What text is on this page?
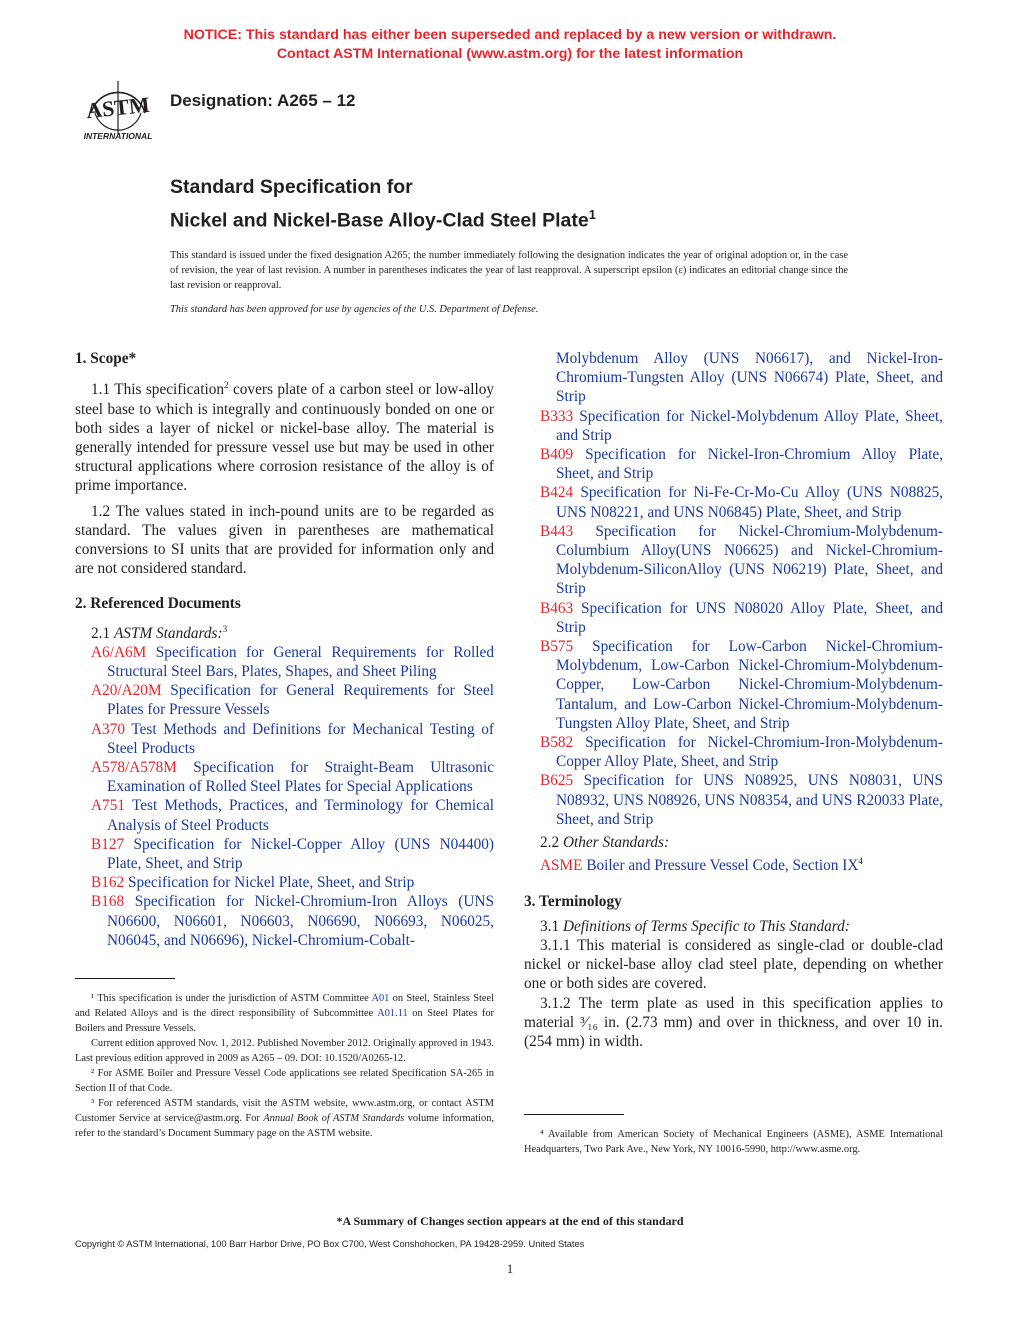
NOTICE: This standard has either been superseded and replaced by a new version or withdrawn.
Contact ASTM International (www.astm.org) for the latest information
ASTM
INTERNATIONAL
Designation: A265 – 12
Standard Specification for
Nickel and Nickel-Base Alloy-Clad Steel Plate$^1$
This standard is issued under the fixed designation A265; the number immediately following the designation indicates the year of original adoption or, in the case of revision, the year of last revision. A number in parentheses indicates the year of last reapproval. A superscript epsilon (ε) indicates an editorial change since the last revision or reapproval.
This standard has been approved for use by agencies of the U.S. Department of Defense.
1. Scope*

1.1 This specification$^2$ covers plate of a carbon steel or low-alloy steel base to which is integrally and continuously bonded on one or both sides a layer of nickel or nickel-base alloy. The material is generally intended for pressure vessel use but may be used in other structural applications where corrosion resistance of the alloy is of prime importance.

1.2 The values stated in inch-pound units are to be regarded as standard. The values given in parentheses are mathematical conversions to SI units that are provided for information only and are not considered standard.

2. Referenced Documents

2.1 ASTM Standards:$^3$

A6/A6M Specification for General Requirements for Rolled Structural Steel Bars, Plates, Shapes, and Sheet Piling

A20/A20M Specification for General Requirements for Steel Plates for Pressure Vessels

A370 Test Methods and Definitions for Mechanical Testing of Steel Products

A578/A578M Specification for Straight-Beam Ultrasonic Examination of Rolled Steel Plates for Special Applications

A751 Test Methods, Practices, and Terminology for Chemical Analysis of Steel Products

B127 Specification for Nickel-Copper Alloy (UNS N04400) Plate, Sheet, and Strip

B162 Specification for Nickel Plate, Sheet, and Strip

B168 Specification for Nickel-Chromium-Iron Alloys (UNS N06600, N06601, N06603, N06690, N06693, N06025, N06045, and N06696), Nickel-Chromium-Cobalt-

¹ This specification is under the jurisdiction of ASTM Committee A01 on Steel, Stainless Steel and Related Alloys and is the direct responsibility of Subcommittee A01.11 on Steel Plates for Boilers and Pressure Vessels.

Current edition approved Nov. 1, 2012. Published November 2012. Originally approved in 1943. Last previous edition approved in 2009 as A265 – 09. DOI: 10.1520/A0265-12.

² For ASME Boiler and Pressure Vessel Code applications see related Specification SA-265 in Section II of that Code.

³ For referenced ASTM standards, visit the ASTM website, www.astm.org, or contact ASTM Customer Service at service@astm.org. For Annual Book of ASTM Standards volume information, refer to the standard’s Document Summary page on the ASTM website.

Molybdenum Alloy (UNS N06617), and Nickel-Iron-Chromium-Tungsten Alloy (UNS N06674) Plate, Sheet, and Strip

B333 Specification for Nickel-Molybdenum Alloy Plate, Sheet, and Strip

B409 Specification for Nickel-Iron-Chromium Alloy Plate, Sheet, and Strip

B424 Specification for Ni-Fe-Cr-Mo-Cu Alloy (UNS N08825, UNS N08221, and UNS N06845) Plate, Sheet, and Strip

B443 Specification for Nickel-Chromium-Molybdenum-Columbium Alloy(UNS N06625) and Nickel-Chromium-Molybdenum-SiliconAlloy (UNS N06219) Plate, Sheet, and Strip

B463 Specification for UNS N08020 Alloy Plate, Sheet, and Strip

B575 Specification for Low-Carbon Nickel-Chromium-Molybdenum, Low-Carbon Nickel-Chromium-Molybdenum-Copper, Low-Carbon Nickel-Chromium-Molybdenum-Tantalum, and Low-Carbon Nickel-Chromium-Molybdenum-Tungsten Alloy Plate, Sheet, and Strip

B582 Specification for Nickel-Chromium-Iron-Molybdenum-Copper Alloy Plate, Sheet, and Strip

B625 Specification for UNS N08925, UNS N08031, UNS N08932, UNS N08926, UNS N08354, and UNS R20033 Plate, Sheet, and Strip

2.2 Other Standards:

ASME Boiler and Pressure Vessel Code, Section $IX^4$

3. Terminology

3.1 Definitions of Terms Specific to This Standard:

3.1.1 This material is considered as single-clad or double-clad nickel or nickel-base alloy clad steel plate, depending on whether one or both sides are covered.

3.1.2 The term plate as used in this specification applies to material ³⁄₁₆ in. (2.73 mm) and over in thickness, and over 10 in. (254 mm) in width.

⁴ Available from American Society of Mechanical Engineers (ASME), ASME International Headquarters, Two Park Ave., New York, NY 10016-5990, http://www.asme.org.

*A Summary of Changes section appears at the end of this standard
Copyright © ASTM International, 100 Barr Harbor Drive, PO Box C700, West Conshohocken, PA 19428-2959. United States
1
